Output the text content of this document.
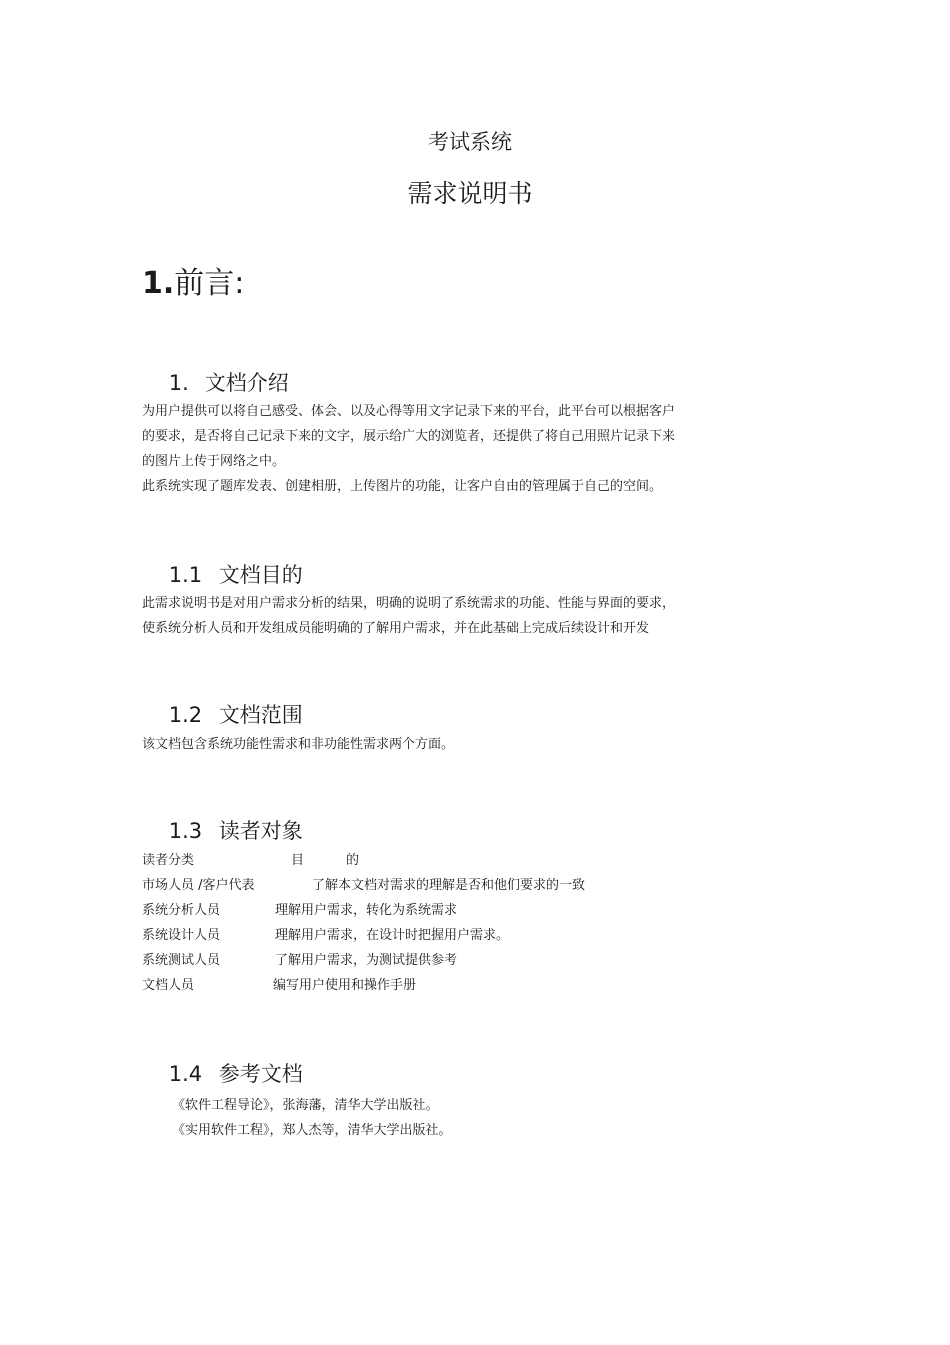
考试系统
需求说明书
1.前言:

1. 文档介绍

为用户提供可以将自己感受、体会、以及心得等用文字记录下来的平台，此平台可以根据客户
的要求，是否将自己记录下来的文字，展示给广大的浏览者，还提供了将自己用照片记录下来
的图片上传于网络之中。
此系统实现了题库发表、创建相册，上传图片的功能，让客户自由的管理属于自己的空间。

1.1 文档目的

此需求说明书是对用户需求分析的结果，明确的说明了系统需求的功能、性能与界面的要求，
使系统分析人员和开发组成员能明确的了解用户需求，并在此基础上完成后续设计和开发

1.2 文档范围

该文档包含系统功能性需求和非功能性需求两个方面。

1.3 读者对象

读者分类	目	的
市场人员 /客户代表	了解本文档对需求的理解是否和他们要求的一致
系统分析人员	理解用户需求，转化为系统需求
系统设计人员	理解用户需求，在设计时把握用户需求。
系统测试人员	了解用户需求，为测试提供参考
文档人员	编写用户使用和操作手册

1.4 参考文档

《软件工程导论》，张海藩，清华大学出版社。
《实用软件工程》，郑人杰等，清华大学出版社。
